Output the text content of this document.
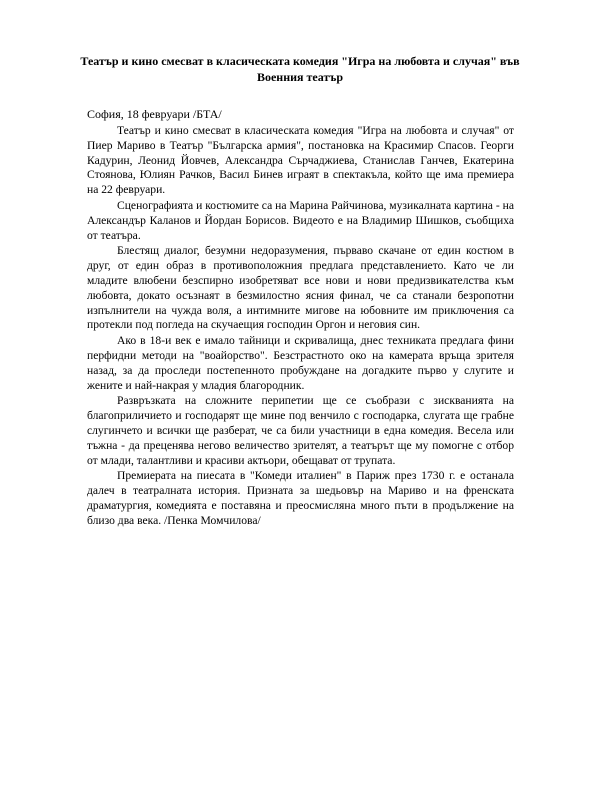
Театър и кино смесват в класическата комедия "Игра на любовта и случая" във Военния театър

София, 18 февруари /БТА/

Театър и кино смесват в класическата комедия "Игра на любовта и случая" от Пиер Мариво в Театър "Българска армия", постановка на Красимир Спасов. Георги Кадурин, Леонид Йовчев, Александра Сърчаджиева, Станислав Ганчев, Екатерина Стоянова, Юлиян Рачков, Васил Бинев играят в спектакъла, който ще има премиера на 22 февруари.

Сценографията и костюмите са на Марина Райчинова, музикалната картина - на Александър Каланов и Йордан Борисов. Видеото е на Владимир Шишков, съобщиха от театъра.

Блестящ диалог, безумни недоразумения, първаво скачане от един костюм в друг, от един образ в противоположния предлага представлението. Като че ли младите влюбени безспирно изобретяват все нови и нови предизвикателства към любовта, докато осъзнаят в безмилостно ясния финал, че са станали безропотни изпълнители на чужда воля, а интимните мигове на юбовните им приключения са протекли под погледа на скучаещия господин Оргон и неговия син.

Ако в 18-и век е имало тайници и скривалища, днес техниката предлага фини перфидни методи на "воайорство". Безстрастното око на камерата връща зрителя назад, за да проследи постепенното пробуждане на догадките първо у слугите и жените и най-накрая у младия благородник.

Развръзката на сложните перипетии ще се съобрази с зискванията на благоприличието и господарят ще мине под венчило с господарка, слугата ще грабне слугинчето и всички ще разберат, че са били участници в една комедия. Весела или тъжна - да преценява негово величество зрителят, а театърът ще му помогне с отбор от млади, талантливи и красиви актьори, обещават от трупата.

Премиерата на пиесата в "Комеди италиен" в Париж през 1730 г. е останала далеч в театралната история. Призната за шедьовър на Мариво и на френската драматургия, комедията е поставяна и преосмисляна много пъти в продължение на близо два века. /Пенка Момчилова/
